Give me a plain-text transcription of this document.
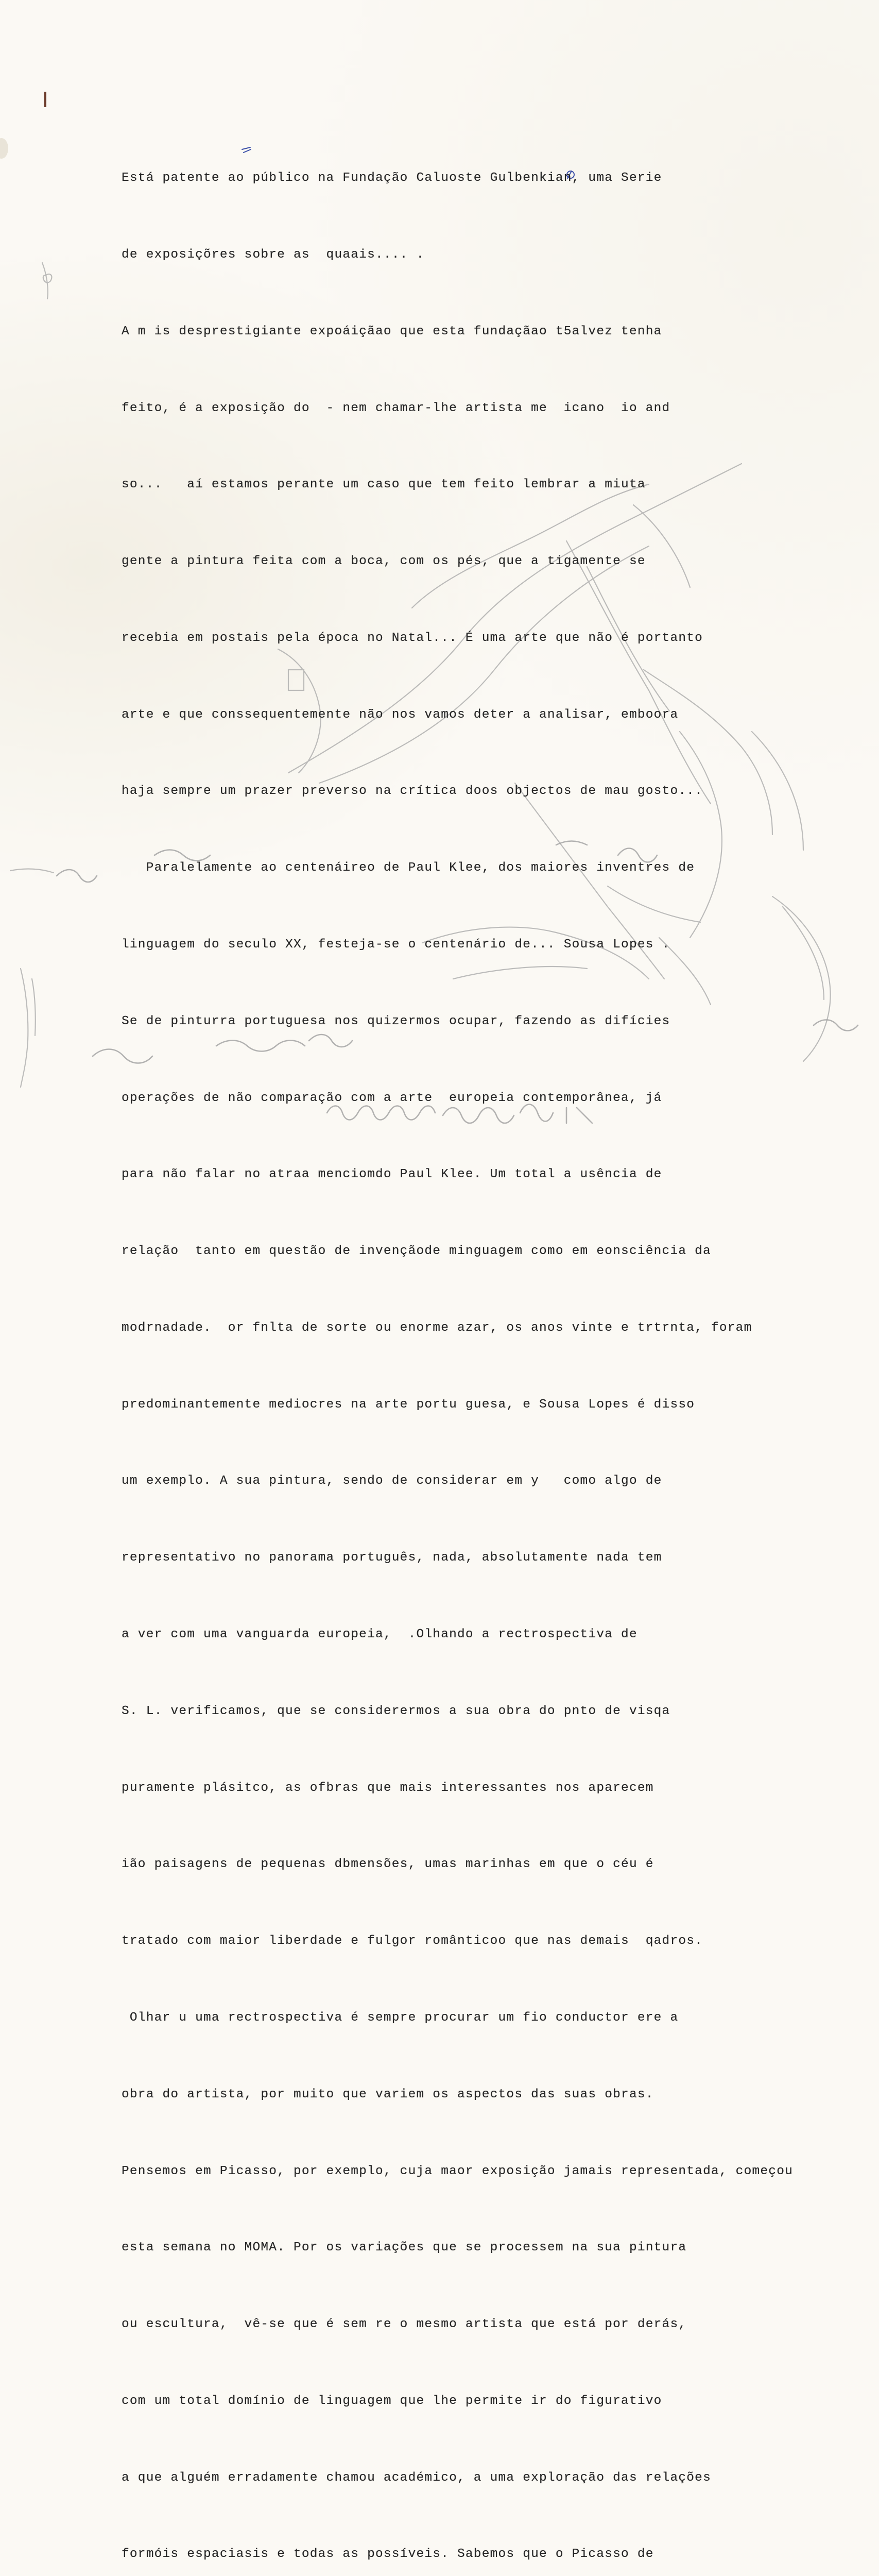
Está patente ao público na Fundação Caluoste Gulbenkian, uma Serie

de exposiçõres sobre as  quaais.... .

A m is desprestigiante expoáiçãao que esta fundaçãao t5alvez tenha

feito, é a exposição do  - nem chamar-lhe artista me  icano  io and

so...   aí estamos perante um caso que tem feito lembrar a miuta

gente a pintura feita com a boca, com os pés, que a tigamente se

recebia em postais pela época no Natal... É uma arte que não é portanto

arte e que conssequentemente não nos vamos deter a analisar, emboora

haja sempre um prazer preverso na crítica doos objectos de mau gosto...

Paralelamente ao centenáireo de Paul Klee, dos maiores inventres de

linguagem do seculo XX, festeja-se o centenário de... Sousa Lopes .

Se de pinturra portuguesa nos quizermos ocupar, fazendo as difícies

operações de não comparação com a arte  europeia contemporânea, já

para não falar no atraa menciomdo Paul Klee. Um total a usência de

relação  tanto em questão de invençãode minguagem como em eonsciência da

modrnadade.  or fnlta de sorte ou enorme azar, os anos vinte e trtrnta, foram

predominantemente mediocres na arte portu guesa, e Sousa Lopes é disso

um exemplo. A sua pintura, sendo de considerar em y   como algo de

representativo no panorama português, nada, absolutamente nada tem

a ver com uma vanguarda europeia,  .Olhando a rectrospectiva de

S. L. verificamos, que se considerermos a sua obra do pnto de visqa

puramente plásitco, as ofbras que mais interessantes nos aparecem

ião paisagens de pequenas dbmensões, umas marinhas em que o céu é

tratado com maior liberdade e fulgor românticoo que nas demais  qadros.

Olhar u uma rectrospectiva é sempre procurar um fio conductor ere a

obra do artista, por muito que variem os aspectos das suas obras.

Pensemos em Picasso, por exemplo, cuja maor exposição jamais representada, começou

esta semana no MOMA. Por os variações que se processem na sua pintura

ou escultura,  vê-se que é sem re o mesmo artista que está por derás,

com um total domínio de linguagem que lhe permite ir do figurativo

a que alguém erradamente chamou académico, a uma exploração das relações

formóis espaciasis e todas as possíveis. Sabemos que o Picasso de
